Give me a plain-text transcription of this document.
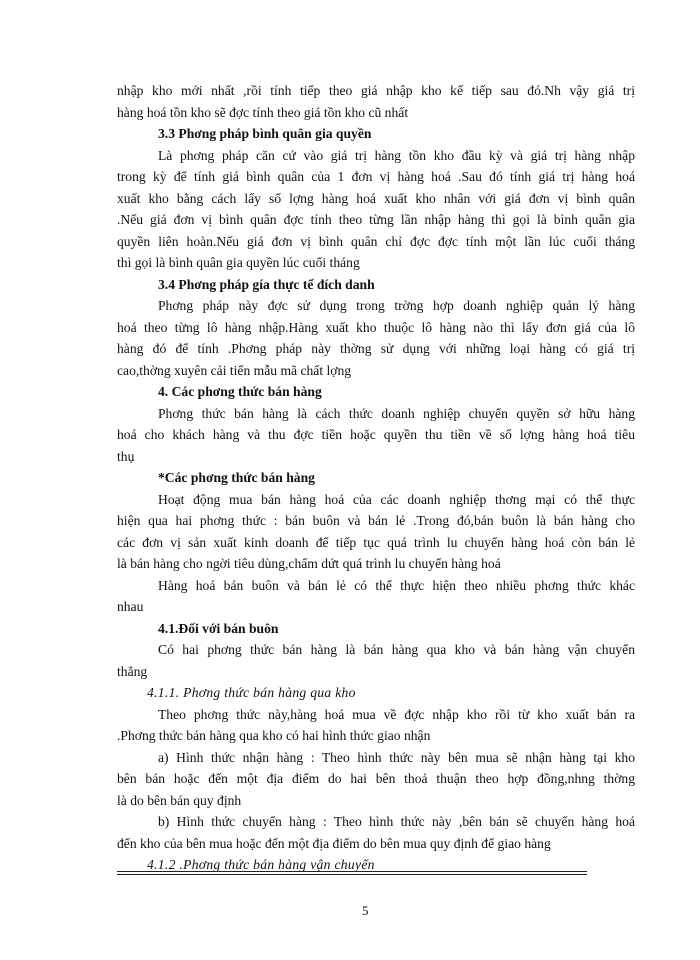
nhập kho mới nhất ,rồi tính tiếp theo giá nhập kho kế tiếp sau đó.Nh vậy giá trị
hàng hoá tồn kho sẽ đợc tính theo giá tồn kho cũ nhất
3.3 Phơng pháp bình quân gia quyền
Là phơng pháp căn cứ vào giá trị hàng tồn kho đầu kỳ và giá trị hàng nhập
trong kỳ để tính giá bình quân của 1 đơn vị hàng hoá .Sau đó tính giá trị hàng hoá
xuất kho bằng cách lấy số lợng hàng hoá xuất kho nhân với giá đơn vị bình quân
.Nếu giá đơn vị bình quân đợc tính theo từng lần nhập hàng thì gọi là bình quân gia
quyền liên hoàn.Nếu giá đơn vị bình quân chỉ đợc đợc tính một lần lúc cuối tháng
thì gọi là bình quân gia quyền lúc cuối tháng
3.4 Phơng pháp gía thực tế đích danh
Phơng pháp này đợc sử dụng trong trờng hợp doanh nghiệp quản lý hàng
hoá theo từng lô hàng nhập.Hàng xuất kho thuộc lô hàng nào thì lấy đơn giá của lô
hàng đó để tính .Phơng pháp này thờng sử dụng với những loại hàng có giá trị
cao,thờng xuyên cải tiến mẫu mã chất lợng
4. Các phơng thức bán hàng
Phơng thức bán hàng là cách thức doanh nghiệp chuyển quyền sở hữu hàng
hoá cho khách hàng và thu đợc tiền hoặc quyền thu tiền về số lợng hàng hoá tiêu
thụ
*Các phơng thức bán hàng
Hoạt động mua bán hàng hoá của các doanh nghiệp thơng mại có thể thực
hiện qua hai phơng thức : bán buôn và bán lẻ .Trong đó,bán buôn là bán hàng cho
các đơn vị sản xuất kinh doanh để tiếp tục quá trình lu chuyển hàng hoá còn bán lẻ
là bán hàng cho ngời tiêu dùng,chấm dứt quá trình lu chuyển hàng hoá
Hàng hoá bán buôn và bán lẻ có thể thực hiện theo nhiều phơng thức khác
nhau
4.1.Đối với bán buôn
Có hai phơng thức bán hàng là bán hàng qua kho và bán hàng vận chuyển
thẳng
4.1.1. Phơng thức bán hàng qua kho
Theo phơng thức này,hàng hoá mua về đợc nhập kho rồi từ kho xuất bán ra
.Phơng thức bán hàng qua kho có hai hình thức giao nhận
a) Hình thức nhận hàng : Theo hình thức này bên mua sẽ nhận hàng tại kho
bên bán hoặc đến một địa điểm do hai bên thoả thuận theo hợp đồng,nhng thờng
là do bên bán quy định
b) Hình thức chuyển hàng : Theo hình thức này ,bên bán sẽ chuyển hàng hoá
đến kho của bên mua hoặc đến một địa điểm do bên mua quy định để giao hàng
4.1.2 .Phơng thức bán hàng vận chuyển
5
